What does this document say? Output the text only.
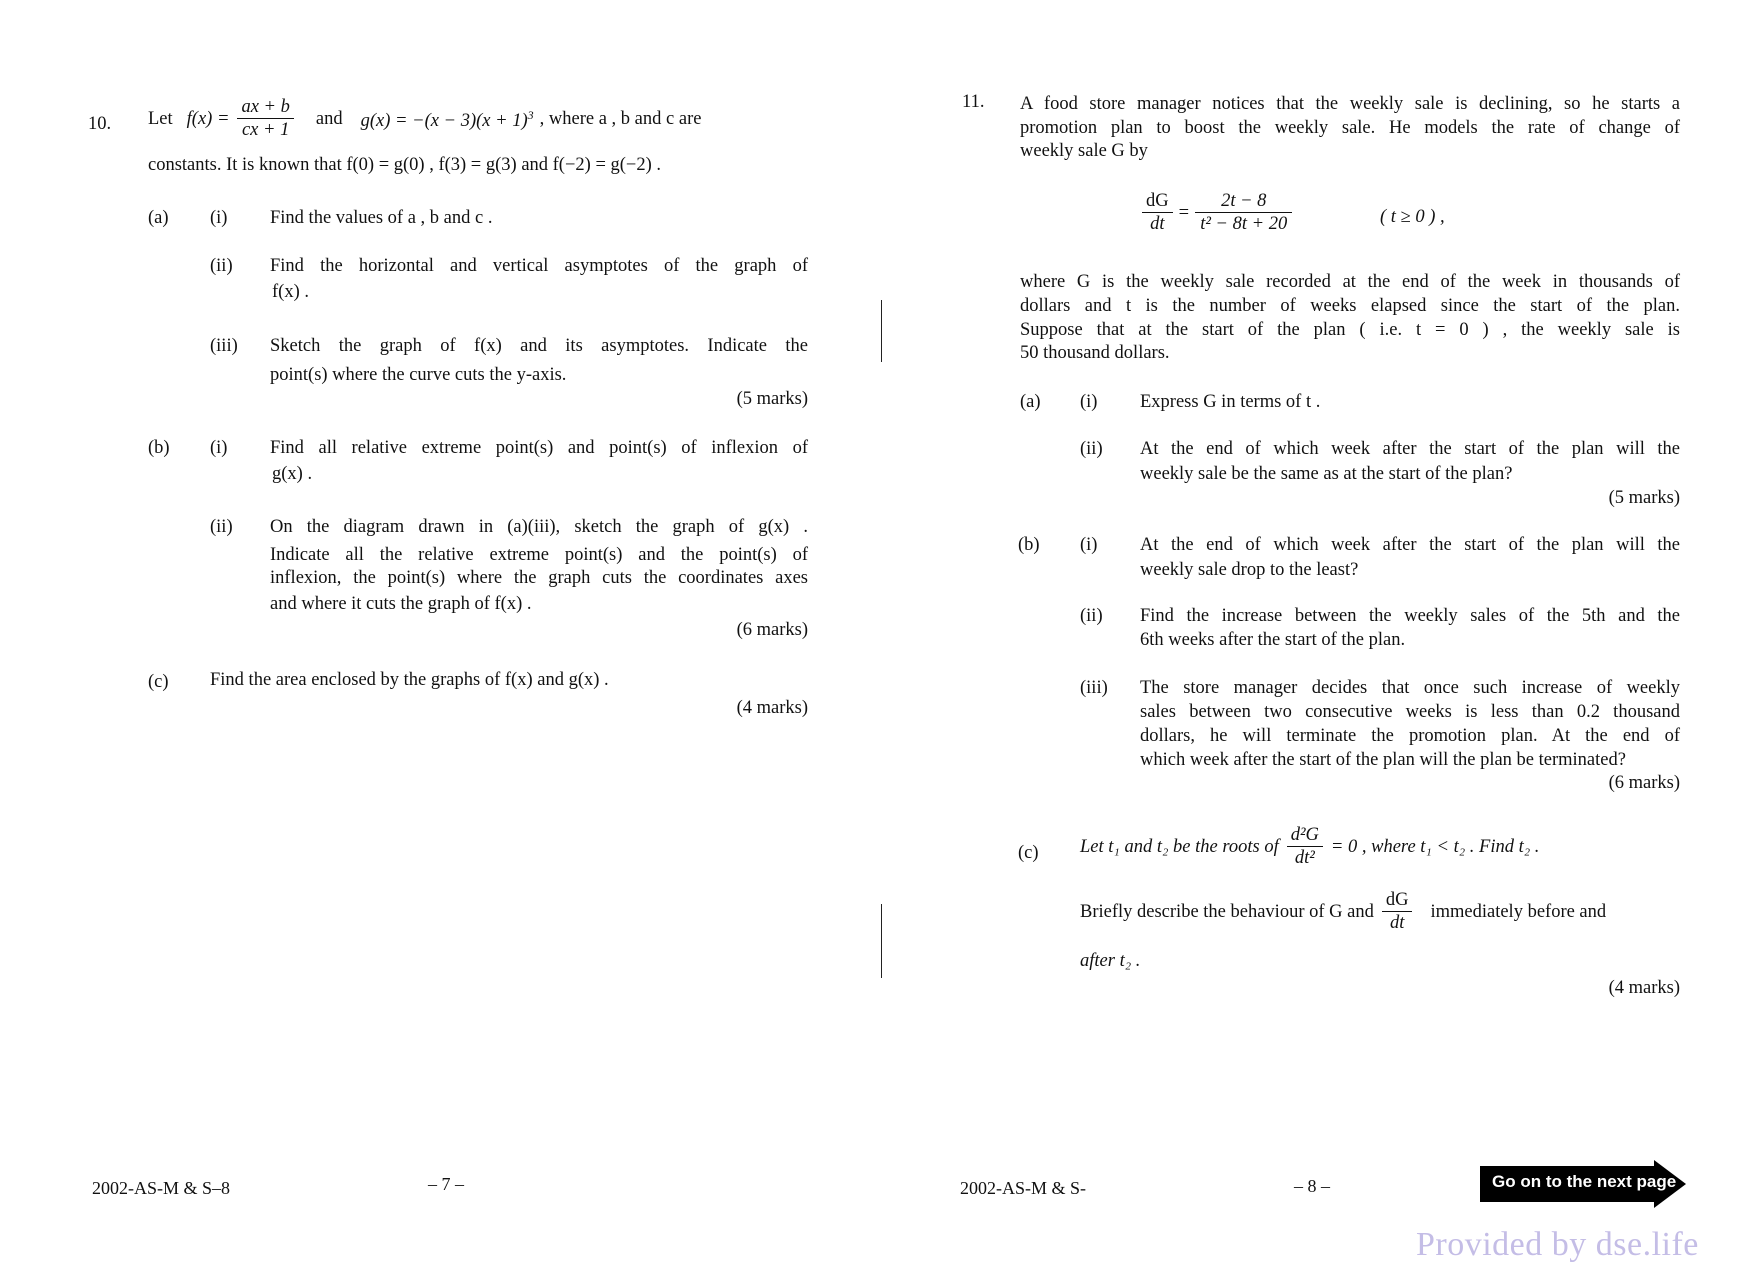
10. Let $f(x) = \frac{ax + b}{cx + 1}$ and $g(x) = -(x - 3)(x + 1)^3$ , where a , b and c are
constants. It is known that f(0) = g(0) , f(3) = g(3) and f(−2) = g(−2) .
(a) (i) Find the values of a , b and c .
(ii) Find the horizontal and vertical asymptotes of the graph of
f(x) .
(iii) Sketch the graph of f(x) and its asymptotes. Indicate the
point(s) where the curve cuts the y-axis.
(5 marks)
(b) (i) Find all relative extreme point(s) and point(s) of inflexion of
g(x) .
(ii) On the diagram drawn in (a)(iii), sketch the graph of g(x) .
Indicate all the relative extreme point(s) and the point(s) of
inflexion, the point(s) where the graph cuts the coordinates axes
and where it cuts the graph of f(x) .
(6 marks)
(c) Find the area enclosed by the graphs of f(x) and g(x) .
(4 marks)
2002-AS-M & S–8	– 7 –
11. A food store manager notices that the weekly sale is declining, so he starts a
promotion plan to boost the weekly sale. He models the rate of change of
weekly sale G by
$\frac{dG}{dt} = \frac{2t - 8}{\text{t² − 8t + 20}}$	( t ≥ 0 ) ,
where G is the weekly sale recorded at the end of the week in thousands of
dollars and t is the number of weeks elapsed since the start of the plan.
Suppose that at the start of the plan ( i.e. t = 0 ) , the weekly sale is
50 thousand dollars.
(a) (i) Express G in terms of t .
(ii) At the end of which week after the start of the plan will the
weekly sale be the same as at the start of the plan?
(5 marks)
(b) (i) At the end of which week after the start of the plan will the
weekly sale drop to the least?
(ii) Find the increase between the weekly sales of the 5th and the
6th weeks after the start of the plan.
(iii) The store manager decides that once such increase of weekly
sales between two consecutive weeks is less than 0.2 thousand
dollars, he will terminate the promotion plan. At the end of
which week after the start of the plan will the plan be terminated?
(6 marks)
(c) Let t₁ and t₂ be the roots of $\frac{\text{d²G}}{\text{dt²}} = 0$ , where t₁ < t₂ . Find t₂ .
Briefly describe the behaviour of G and $\frac{dG}{dt}$ immediately before and
after t₂ .
(4 marks)
2002-AS-M & S-	– 8 –	Go on to the next page
Provided by dse.life
